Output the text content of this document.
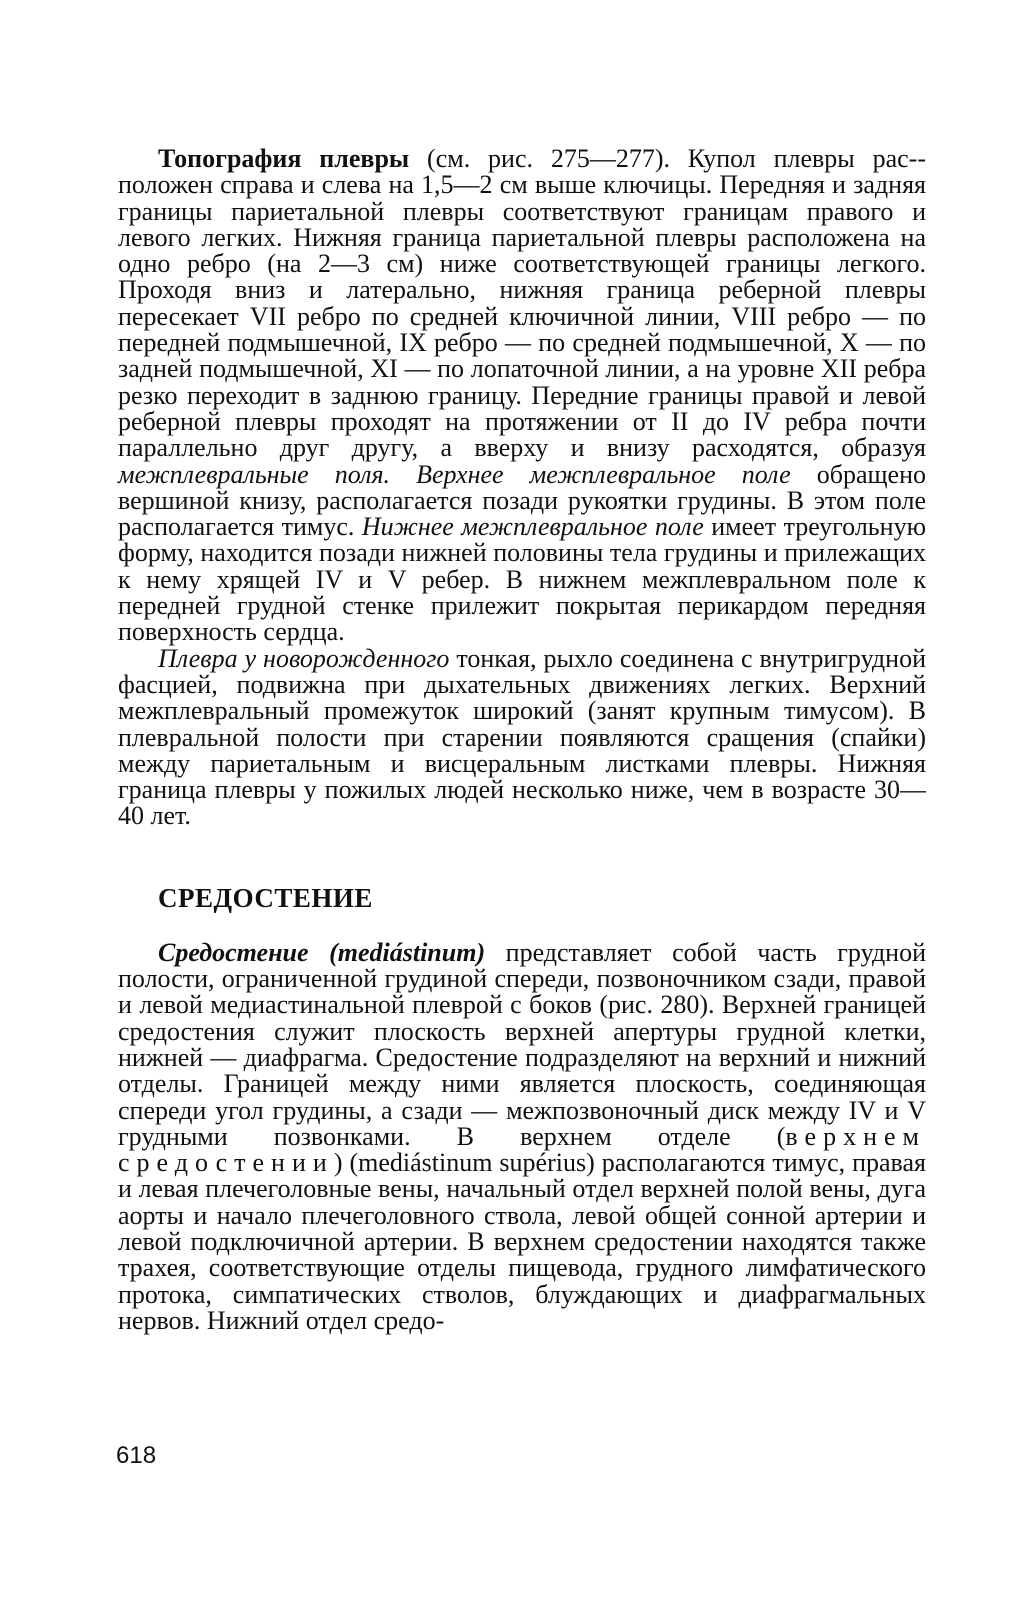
Топография плевры (см. рис. 275—277). Купол плевры рас-положен справа и слева на 1,5—2 см выше ключицы. Передняя и задняя границы париетальной плевры соответствуют границам правого и левого легких. Нижняя граница париетальной плевры расположена на одно ребро (на 2—3 см) ниже соответствующей границы легкого. Проходя вниз и латерально, нижняя граница реберной плевры пересекает VII ребро по средней ключичной линии, VIII ребро — по передней подмышечной, IX ребро — по средней подмышечной, X — по задней подмышечной, XI — по лопаточной линии, а на уровне XII ребра резко переходит в заднюю границу. Передние границы правой и левой реберной плевры проходят на протяжении от II до IV ребра почти параллельно друг другу, а вверху и внизу расходятся, образуя межплевральные поля. Верхнее межплевральное поле обращено вершиной книзу, располагается позади рукоятки грудины. В этом поле располагается тимус. Нижнее межплевральное поле имеет треугольную форму, находится позади нижней половины тела грудины и прилежащих к нему хрящей IV и V ребер. В нижнем межплевральном поле к передней грудной стенке прилежит покрытая перикардом передняя поверхность сердца.

Плевра у новорожденного тонкая, рыхло соединена с внутригрудной фасцией, подвижна при дыхательных движениях легких. Верхний межплевральный промежуток широкий (занят крупным тимусом). В плевральной полости при старении появляются сращения (спайки) между париетальным и висцеральным листками плевры. Нижняя граница плевры у пожилых людей несколько ниже, чем в возрасте 30—40 лет.

СРЕДОСТЕНИЕ

Средостение (mediástinum) представляет собой часть грудной полости, ограниченной грудиной спереди, позвоночником сзади, правой и левой медиастинальной плеврой с боков (рис. 280). Верхней границей средостения служит плоскость верхней апертуры грудной клетки, нижней — диафрагма. Средостение подразделяют на верхний и нижний отделы. Границей между ними является плоскость, соединяющая спереди угол грудины, а сзади — межпозвоночный диск между IV и V грудными позвонками. В верхнем отделе (верхнем средостении) (mediástinum supérius) располагаются тимус, правая и левая плечеголовные вены, начальный отдел верхней полой вены, дуга аорты и начало плечеголовного ствола, левой общей сонной артерии и левой подключичной артерии. В верхнем средостении находятся также трахея, соответствующие отделы пищевода, грудного лимфатического протока, симпатических стволов, блуждающих и диафрагмальных нервов. Нижний отдел средо-

618
